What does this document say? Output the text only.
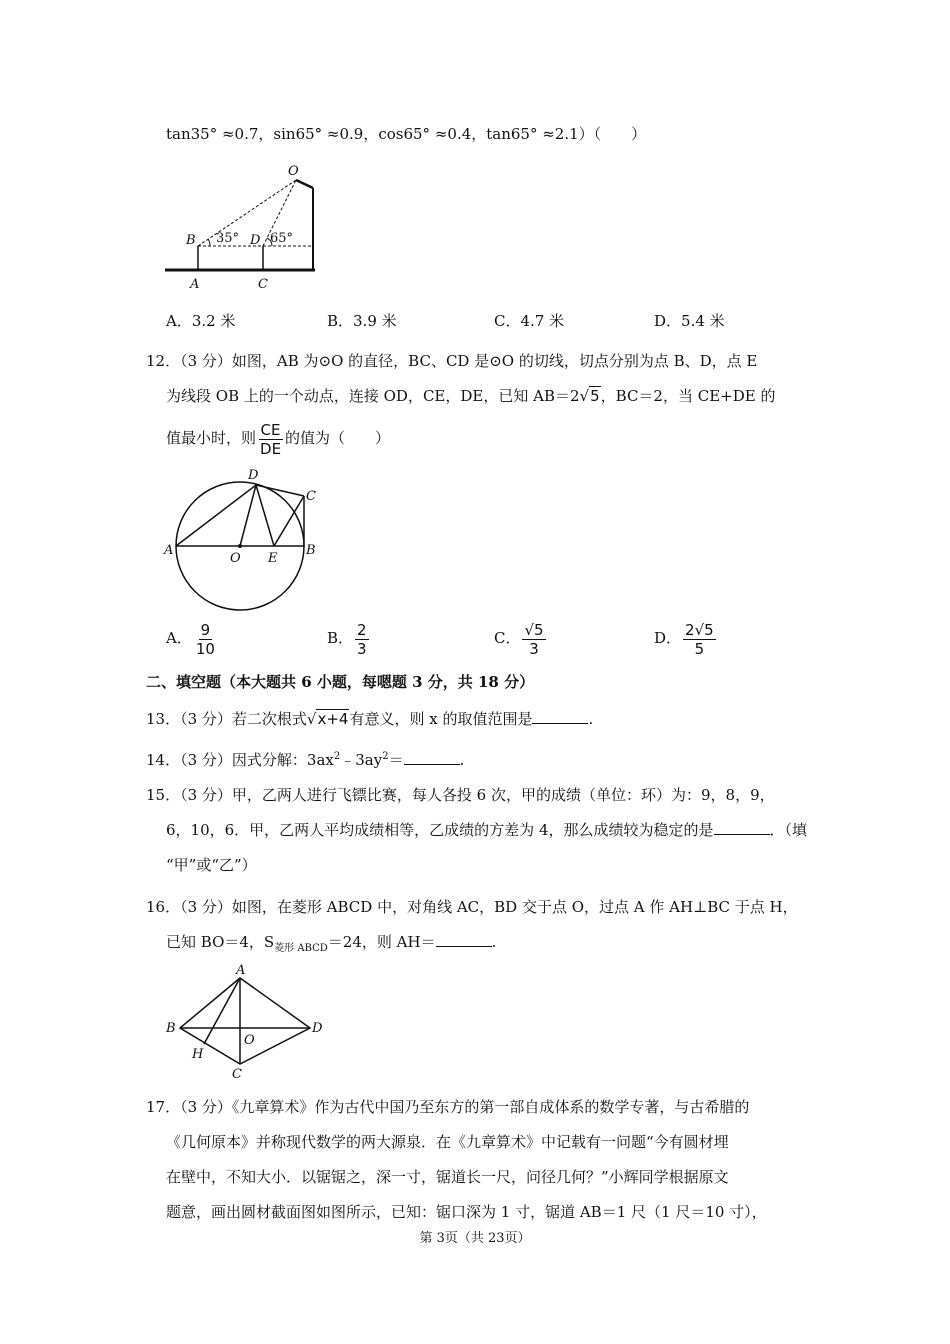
tan35° ≈0.7，sin65° ≈0.9，cos65° ≈0.4，tan65° ≈2.1）（　　）
O
B	D
35° 65°
A	C
A．3.2 米	B．3.9 米	C．4.7 米	D．5.4 米
12．（3 分）如图，AB 为⊙O 的直径，BC、CD 是⊙O 的切线，切点分别为点 B、D，点 E
为线段 OB 上的一个动点，连接 OD，CE，DE，已知 AB＝2√5，BC＝2，当 CE+DE 的
值最小时，则 $\frac{CE}{DE}$ 的值为（　　）
D
C
A
O E
B
A． $\frac{9}{10}$	B． $\frac{2}{3}$	C． $\frac{√5}{3}$	D． $\frac{2√5}{5}$
二、填空题（本大题共 6 小题，每嗯题 3 分，共 18 分）
13．（3 分）若二次根式√x+4有意义，则 x 的取值范围是	.
14．（3 分）因式分解：$3ax^2﹣3ay^2=$	.
15．（3 分）甲，乙两人进行飞镖比赛，每人各投 6 次，甲的成绩（单位：环）为：9，8，9，
6，10，6．甲，乙两人平均成绩相等，乙成绩的方差为 4，那么成绩较为稳定的是	．（填
“甲”或“乙”）
16．（3 分）如图，在菱形 ABCD 中，对角线 AC，BD 交于点 O，过点 A 作 AH⊥BC 于点 H，
已知 BO＝4，$S_{菱形 ABCD}=24$，则 AH＝	.
A
B
O
D
H
C
17．（3 分）《九章算术》作为古代中国乃至东方的第一部自成体系的数学专著，与古希腊的
《几何原本》并称现代数学的两大源泉．在《九章算术》中记载有一问题“今有圆材埋
在壁中，不知大小．以锯锯之，深一寸，锯道长一尺，问径几何？”小辉同学根据原文
题意，画出圆材截面图如图所示，已知：锯口深为 1 寸，锯道 AB＝1 尺（1 尺＝10 寸），
第 3页（共 23页）
